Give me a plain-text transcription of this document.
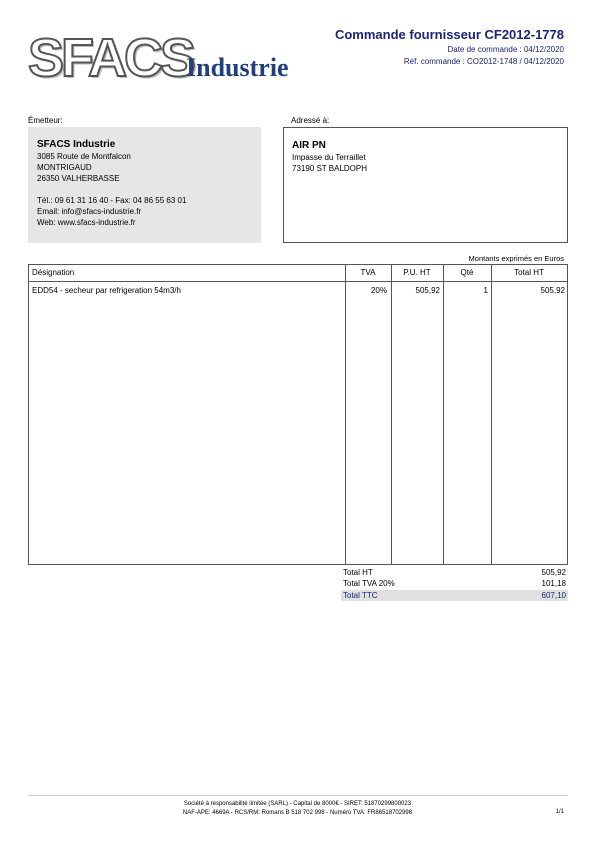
SFACS
Industrie
Commande fournisseur CF2012-1778
Date de commande : 04/12/2020
Réf. commande : CO2012-1748 / 04/12/2020
Émetteur:
SFACS Industrie
3085 Route de Montfalcon
MONTRIGAUD
26350 VALHERBASSE
Tél.: 09 61 31 16 40 - Fax: 04 86 55 63 01
Email: info@sfacs-industrie.fr
Web: www.sfacs-industrie.fr
Adressé à:
AIR PN
Impasse du Terraillet
73190 ST BALDOPH
Montants exprimés en Euros
Désignation	TVA	P.U. HT	Qté	Total HT
EDD54 - secheur par refrigeration 54m3/h	20%	505,92	1	505,92
Total HT	505,92
Total TVA 20%	101,18
Total TTC	607,10
Société à responsabilité limitée (SARL) - Capital de 8000€ - SIRET: 51870299800023
NAF-APE: 4669A - RCS/RM: Romans B 518 702 998 - Numéro TVA: FR86518702998	1/1
